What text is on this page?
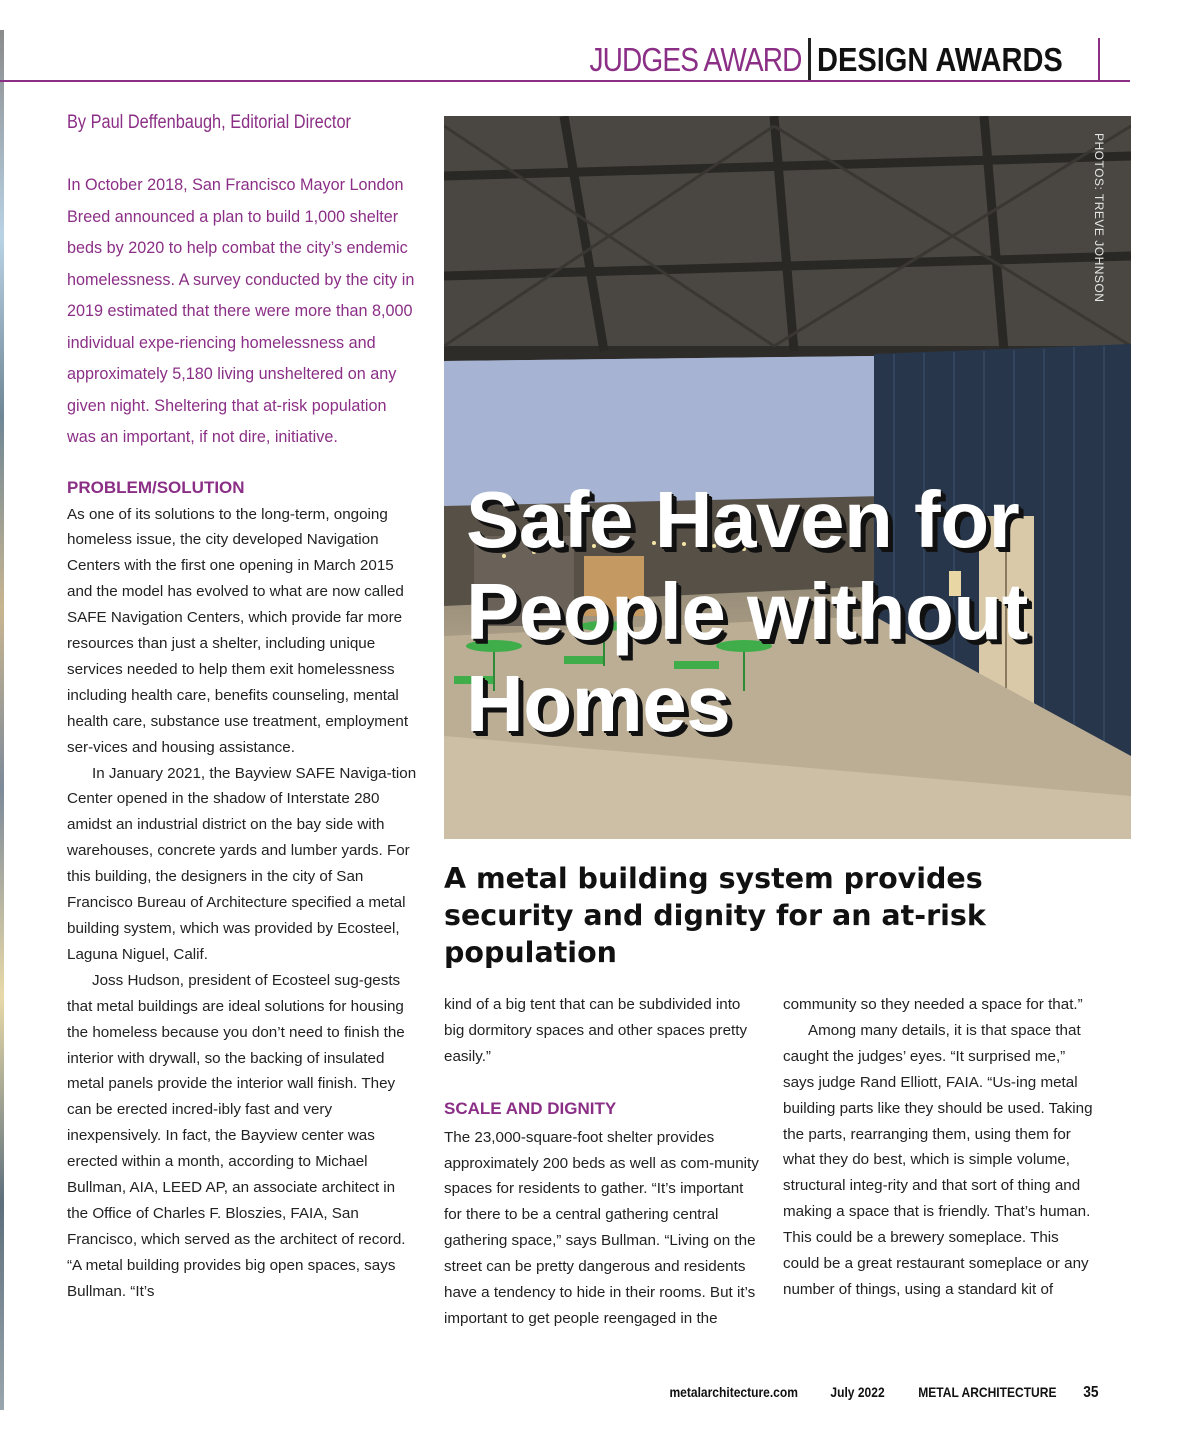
JUDGES AWARD DESIGN AWARDS
By Paul Deffenbaugh, Editorial Director
In October 2018, San Francisco Mayor London Breed announced a plan to build 1,000 shelter beds by 2020 to help combat the city’s endemic homelessness. A survey conducted by the city in 2019 estimated that there were more than 8,000 individual expe-riencing homelessness and approximately 5,180 living unsheltered on any given night. Sheltering that at-risk population was an important, if not dire, initiative.
PROBLEM/SOLUTION

As one of its solutions to the long-term, ongoing homeless issue, the city developed Navigation Centers with the first one opening in March 2015 and the model has evolved to what are now called SAFE Navigation Centers, which provide far more resources than just a shelter, including unique services needed to help them exit homelessness including health care, benefits counseling, mental health care, substance use treatment, employment ser-vices and housing assistance.

In January 2021, the Bayview SAFE Naviga-tion Center opened in the shadow of Interstate 280 amidst an industrial district on the bay side with warehouses, concrete yards and lumber yards. For this building, the designers in the city of San Francisco Bureau of Architecture specified a metal building system, which was provided by Ecosteel, Laguna Niguel, Calif.

Joss Hudson, president of Ecosteel sug-gests that metal buildings are ideal solutions for housing the homeless because you don’t need to finish the interior with drywall, so the backing of insulated metal panels provide the interior wall finish. They can be erected incred-ibly fast and very inexpensively. In fact, the Bayview center was erected within a month, according to Michael Bullman, AIA, LEED AP, an associate architect in the Office of Charles F. Bloszies, FAIA, San Francisco, which served as the architect of record. “A metal building provides big open spaces, says Bullman. “It’s

PHOTOS: TREVE JOHNSON
Safe Haven for People without Homes
A metal building system provides security and dignity for an at-risk population

kind of a big tent that can be subdivided into big dormitory spaces and other spaces pretty easily.”

SCALE AND DIGNITY

The 23,000-square-foot shelter provides approximately 200 beds as well as com-munity spaces for residents to gather. “It’s important for there to be a central gathering central gathering space,” says Bullman. “Living on the street can be pretty dangerous and residents have a tendency to hide in their rooms. But it’s important to get people reengaged in the

community so they needed a space for that.”

Among many details, it is that space that caught the judges’ eyes. “It surprised me,” says judge Rand Elliott, FAIA. “Us-ing metal building parts like they should be used. Taking the parts, rearranging them, using them for what they do best, which is simple volume, structural integ-rity and that sort of thing and making a space that is friendly. That’s human. This could be a brewery someplace. This could be a great restaurant someplace or any number of things, using a standard kit of

metalarchitecture.com July 2022 METAL ARCHITECTURE 35
